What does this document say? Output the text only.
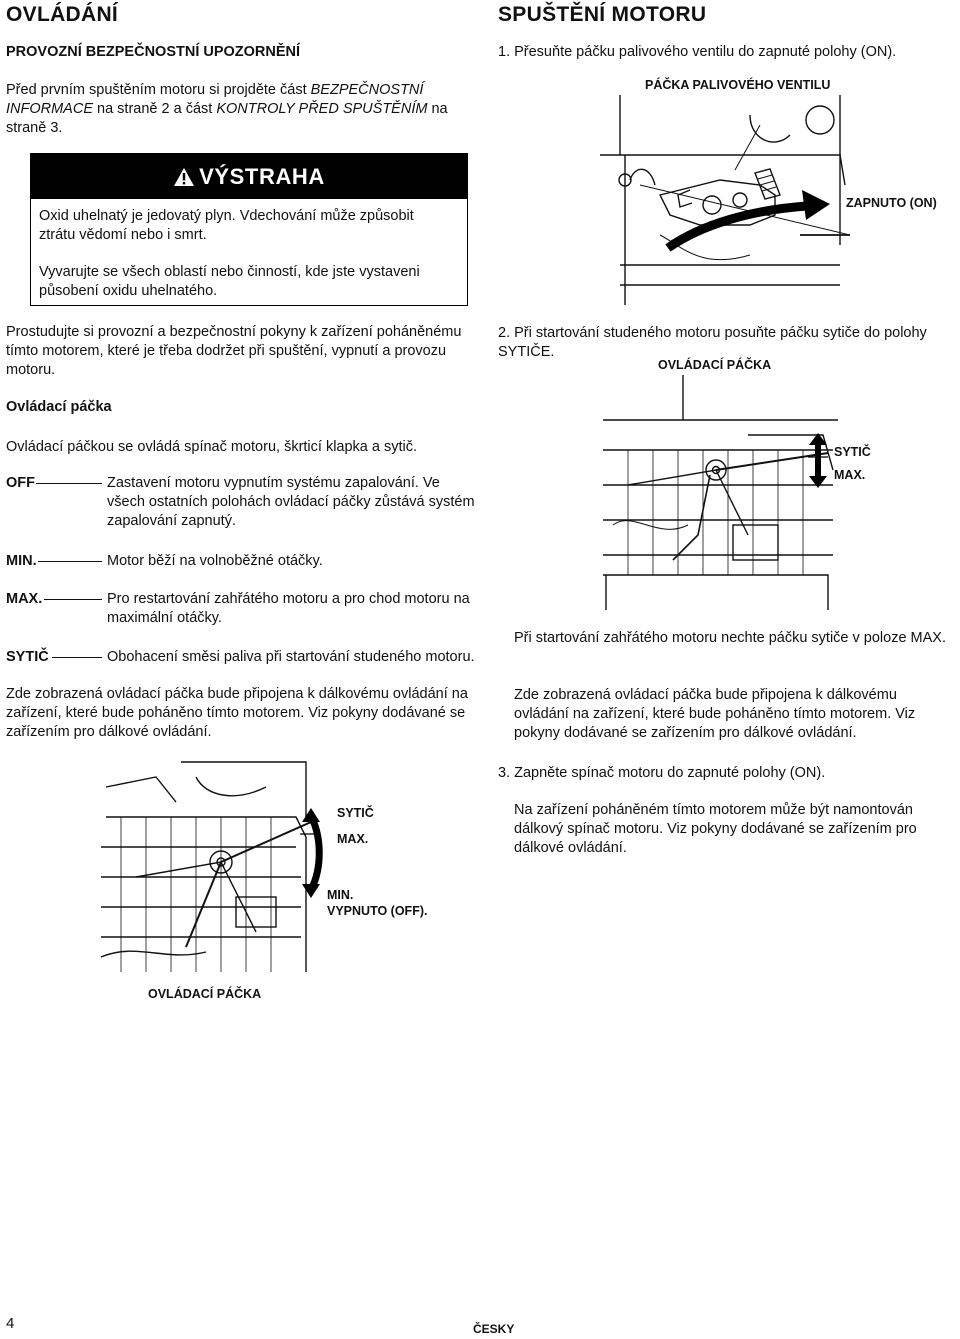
OVLÁDÁNÍ
PROVOZNÍ BEZPEČNOSTNÍ UPOZORNĚNÍ

Před prvním spuštěním motoru si projděte část BEZPEČNOSTNÍ INFORMACE na straně 2 a část KONTROLY PŘED SPUŠTĚNÍM na straně 3.

VÝSTRAHA

Oxid uhelnatý je jedovatý plyn. Vdechování může způsobit ztrátu vědomí nebo i smrt.

Vyvarujte se všech oblastí nebo činností, kde jste vystaveni působení oxidu uhelnatého.

Prostudujte si provozní a bezpečnostní pokyny k zařízení poháněnému tímto motorem, které je třeba dodržet při spuštění, vypnutí a provozu motoru.

Ovládací páčka

Ovládací páčkou se ovládá spínač motoru, škrticí klapka a sytič.

OFF	Zastavení motoru vypnutím systému zapalování. Ve všech ostatních polohách ovládací páčky zůstává systém zapalování zapnutý.

MIN.	Motor běží na volnoběžné otáčky.

MAX.	Pro restartování zahřátého motoru a pro chod motoru na maximální otáčky.

SYTIČ	Obohacení směsi paliva při startování studeného motoru.

Zde zobrazená ovládací páčka bude připojena k dálkovému ovládání na zařízení, které bude poháněno tímto motorem. Viz pokyny dodávané se zařízením pro dálkové ovládání.

SYTIČ
MAX.
MIN.
VYPNUTO (OFF).
OVLÁDACÍ PÁČKA
SPUŠTĚNÍ MOTORU

1. Přesuňte páčku palivového ventilu do zapnuté polohy (ON).

PÁČKA PALIVOVÉHO VENTILU
ZAPNUTO (ON)

2. Při startování studeného motoru posuňte páčku sytiče do polohy SYTIČE.

OVLÁDACÍ PÁČKA
SYTIČ
MAX.

Při startování zahřátého motoru nechte páčku sytiče v poloze MAX.

Zde zobrazená ovládací páčka bude připojena k dálkovému ovládání na zařízení, které bude poháněno tímto motorem. Viz pokyny dodávané se zařízením pro dálkové ovládání.

3. Zapněte spínač motoru do zapnuté polohy (ON).

Na zařízení poháněném tímto motorem může být namontován dálkový spínač motoru. Viz pokyny dodávané se zařízením pro dálkové ovládání.

4	ČESKY
